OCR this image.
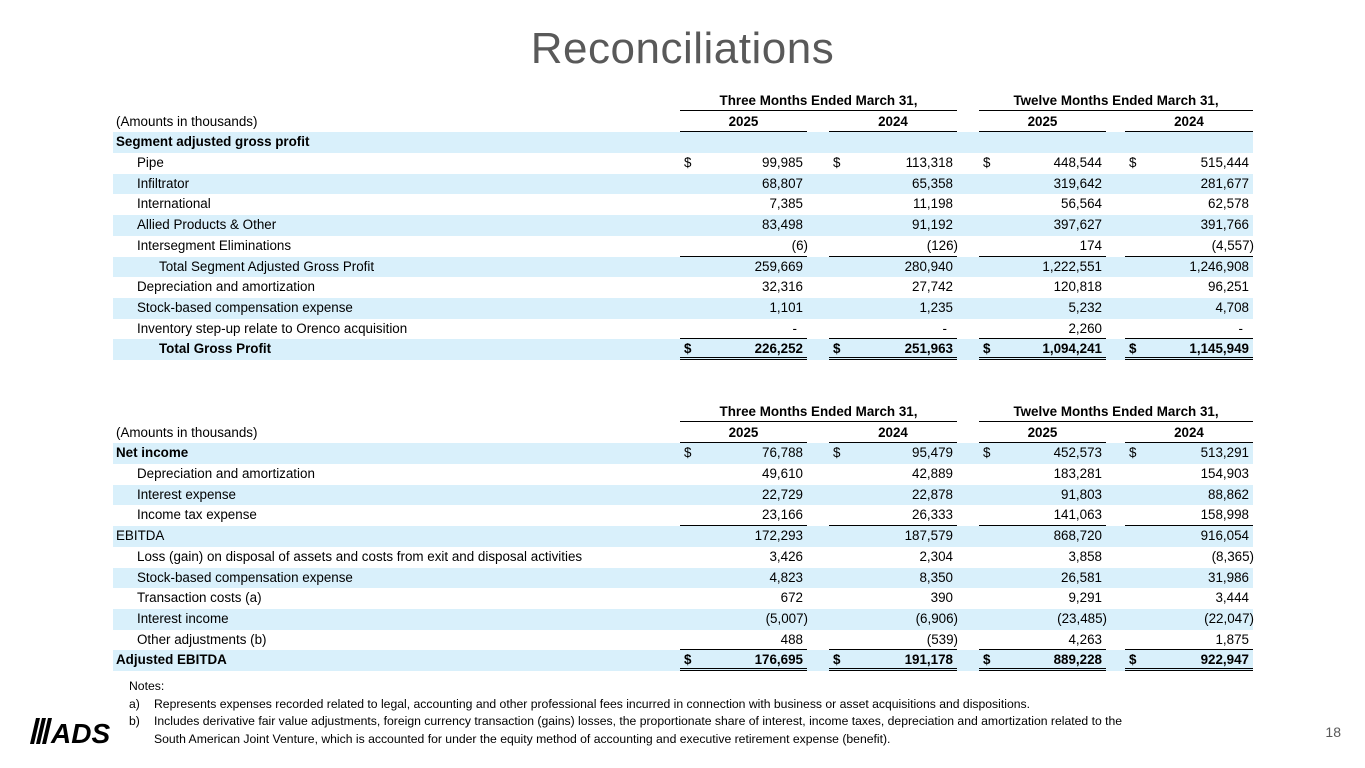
Reconciliations
Three Months Ended March 31,	Twelve Months Ended March 31,
(Amounts in thousands)	2025	2024	2025	2024
Segment adjusted gross profit
Pipe	$	99,985 $	113,318 $	448,544 $	515,444
Infiltrator	68,807	65,358	319,642	281,677
International	7,385	11,198	56,564	62,578
Allied Products & Other	83,498	91,192	397,627	391,766
Intersegment Eliminations	(6)	(126)	174	(4,557)
Total Segment Adjusted Gross Profit	259,669	280,940	1,222,551	1,246,908
Depreciation and amortization	32,316	27,742	120,818	96,251
Stock-based compensation expense	1,101	1,235	5,232	4,708
Inventory step-up relate to Orenco acquisition	-	-	2,260	-
Total Gross Profit	$	226,252 $	251,963 $	1,094,241 $	1,145,949
Three Months Ended March 31,	Twelve Months Ended March 31,
(Amounts in thousands)	2025	2024	2025	2024
Net income	$	76,788 $	95,479 $	452,573 $	513,291
Depreciation and amortization	49,610	42,889	183,281	154,903
Interest expense	22,729	22,878	91,803	88,862
Income tax expense	23,166	26,333	141,063	158,998
EBITDA	172,293	187,579	868,720	916,054
Loss (gain) on disposal of assets and costs from exit and disposal activities	3,426	2,304	3,858	(8,365)
Stock-based compensation expense	4,823	8,350	26,581	31,986
Transaction costs (a)	672	390	9,291	3,444
Interest income	(5,007)	(6,906)	(23,485)	(22,047)
Other adjustments (b)	488	(539)	4,263	1,875
Adjusted EBITDA	$	176,695 $	191,178 $	889,228 $	922,947
Notes:
a) Represents expenses recorded related to legal, accounting and other professional fees incurred in connection with business or asset acquisitions and dispositions.
b) Includes derivative fair value adjustments, foreign currency transaction (gains) losses, the proportionate share of interest, income taxes, depreciation and amortization related to the South American Joint Venture, which is accounted for under the equity method of accounting and executive retirement expense (benefit).
ADS	18
